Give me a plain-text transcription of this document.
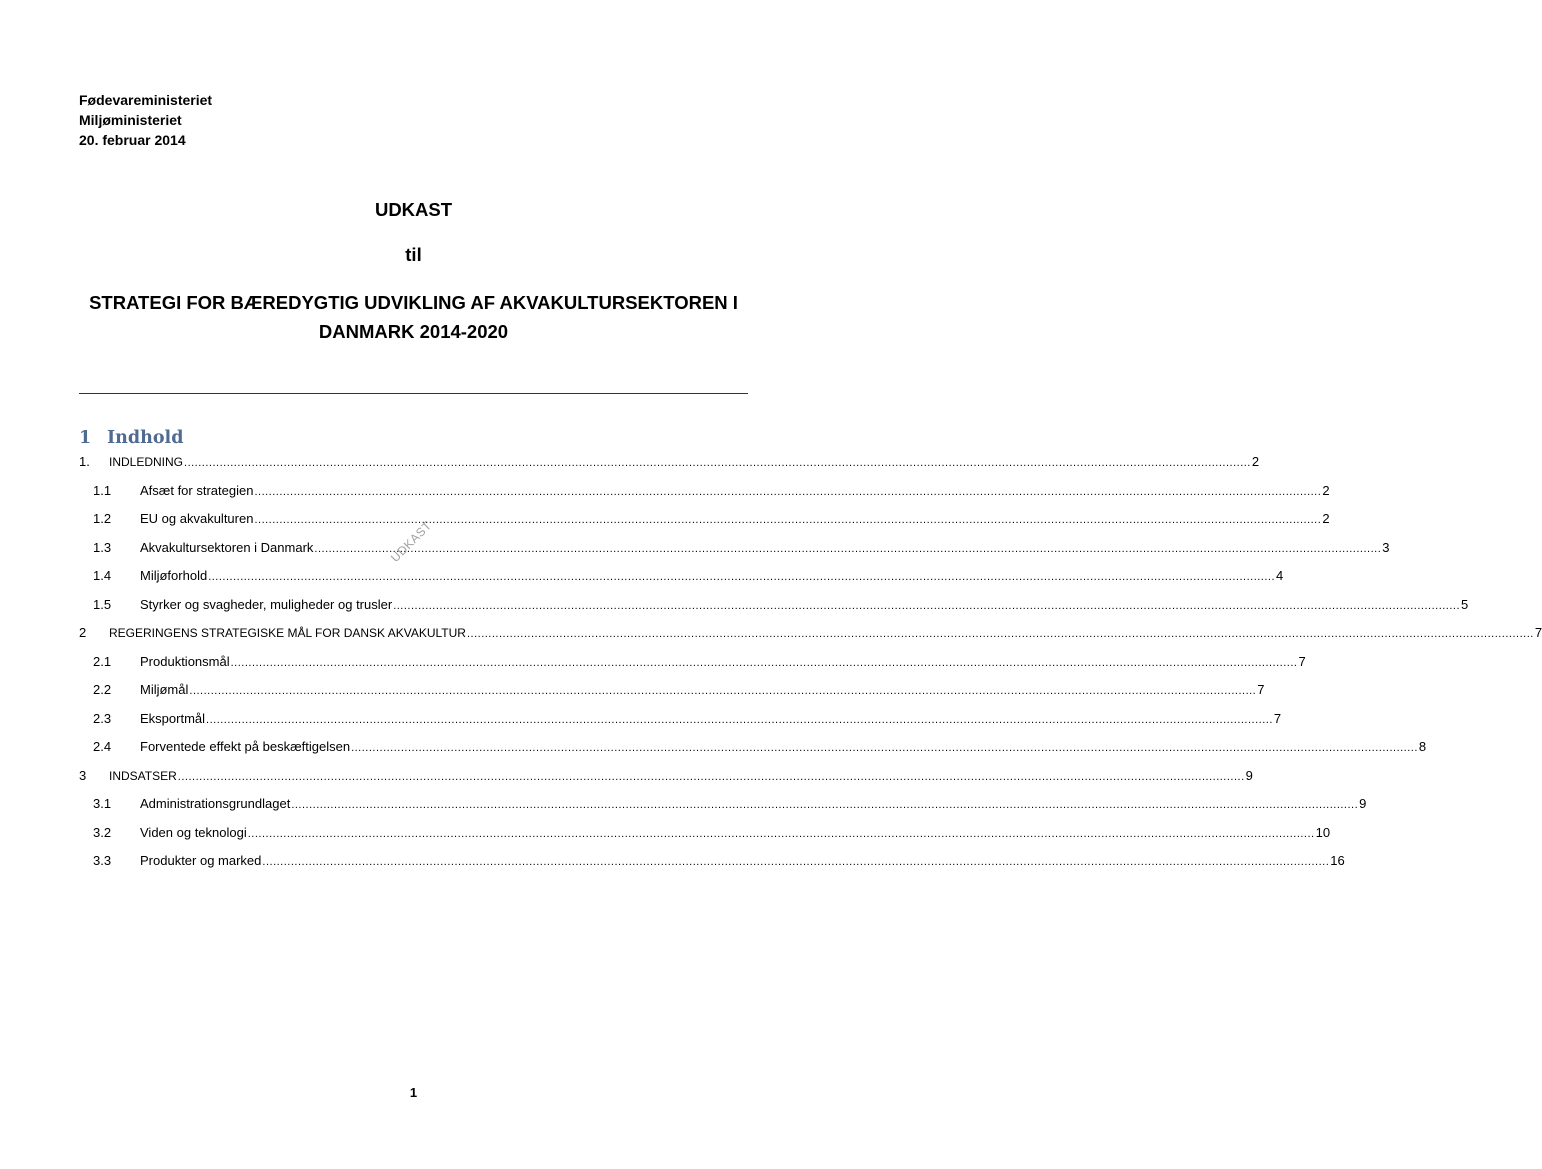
Fødevareministeriet
Miljøministeriet
20. februar 2014
UDKAST
til
STRATEGI FOR BÆREDYGTIG UDVIKLING AF AKVAKULTURSEKTOREN I
DANMARK 2014-2020
1 Indhold
1.	INDLEDNING ............................................................................................................................................................................................................................................................................................................ 2
1.1	Afsæt for strategien ............................................................................................................................................................................................................................................................................................................ 2
1.2	EU og akvakulturen ............................................................................................................................................................................................................................................................................................................ 2
1.3	Akvakultursektoren i Danmark ............................................................................................................................................................................................................................................................................................................ 3
1.4	Miljøforhold ............................................................................................................................................................................................................................................................................................................ 4
1.5	Styrker og svagheder, muligheder og trusler ............................................................................................................................................................................................................................................................................................................ 5
2	REGERINGENS STRATEGISKE MÅL FOR DANSK AKVAKULTUR ............................................................................................................................................................................................................................................................................................................ 7
2.1	Produktionsmål ............................................................................................................................................................................................................................................................................................................ 7
2.2	Miljømål ............................................................................................................................................................................................................................................................................................................ 7
2.3	Eksportmål ............................................................................................................................................................................................................................................................................................................ 7
2.4	Forventede effekt på beskæftigelsen ............................................................................................................................................................................................................................................................................................................ 8
3	INDSATSER ............................................................................................................................................................................................................................................................................................................ 9
3.1	Administrationsgrundlaget ............................................................................................................................................................................................................................................................................................................ 9
3.2	Viden og teknologi ............................................................................................................................................................................................................................................................................................................ 10
3.3	Produkter og marked ............................................................................................................................................................................................................................................................................................................ 16
UDKAST
1
